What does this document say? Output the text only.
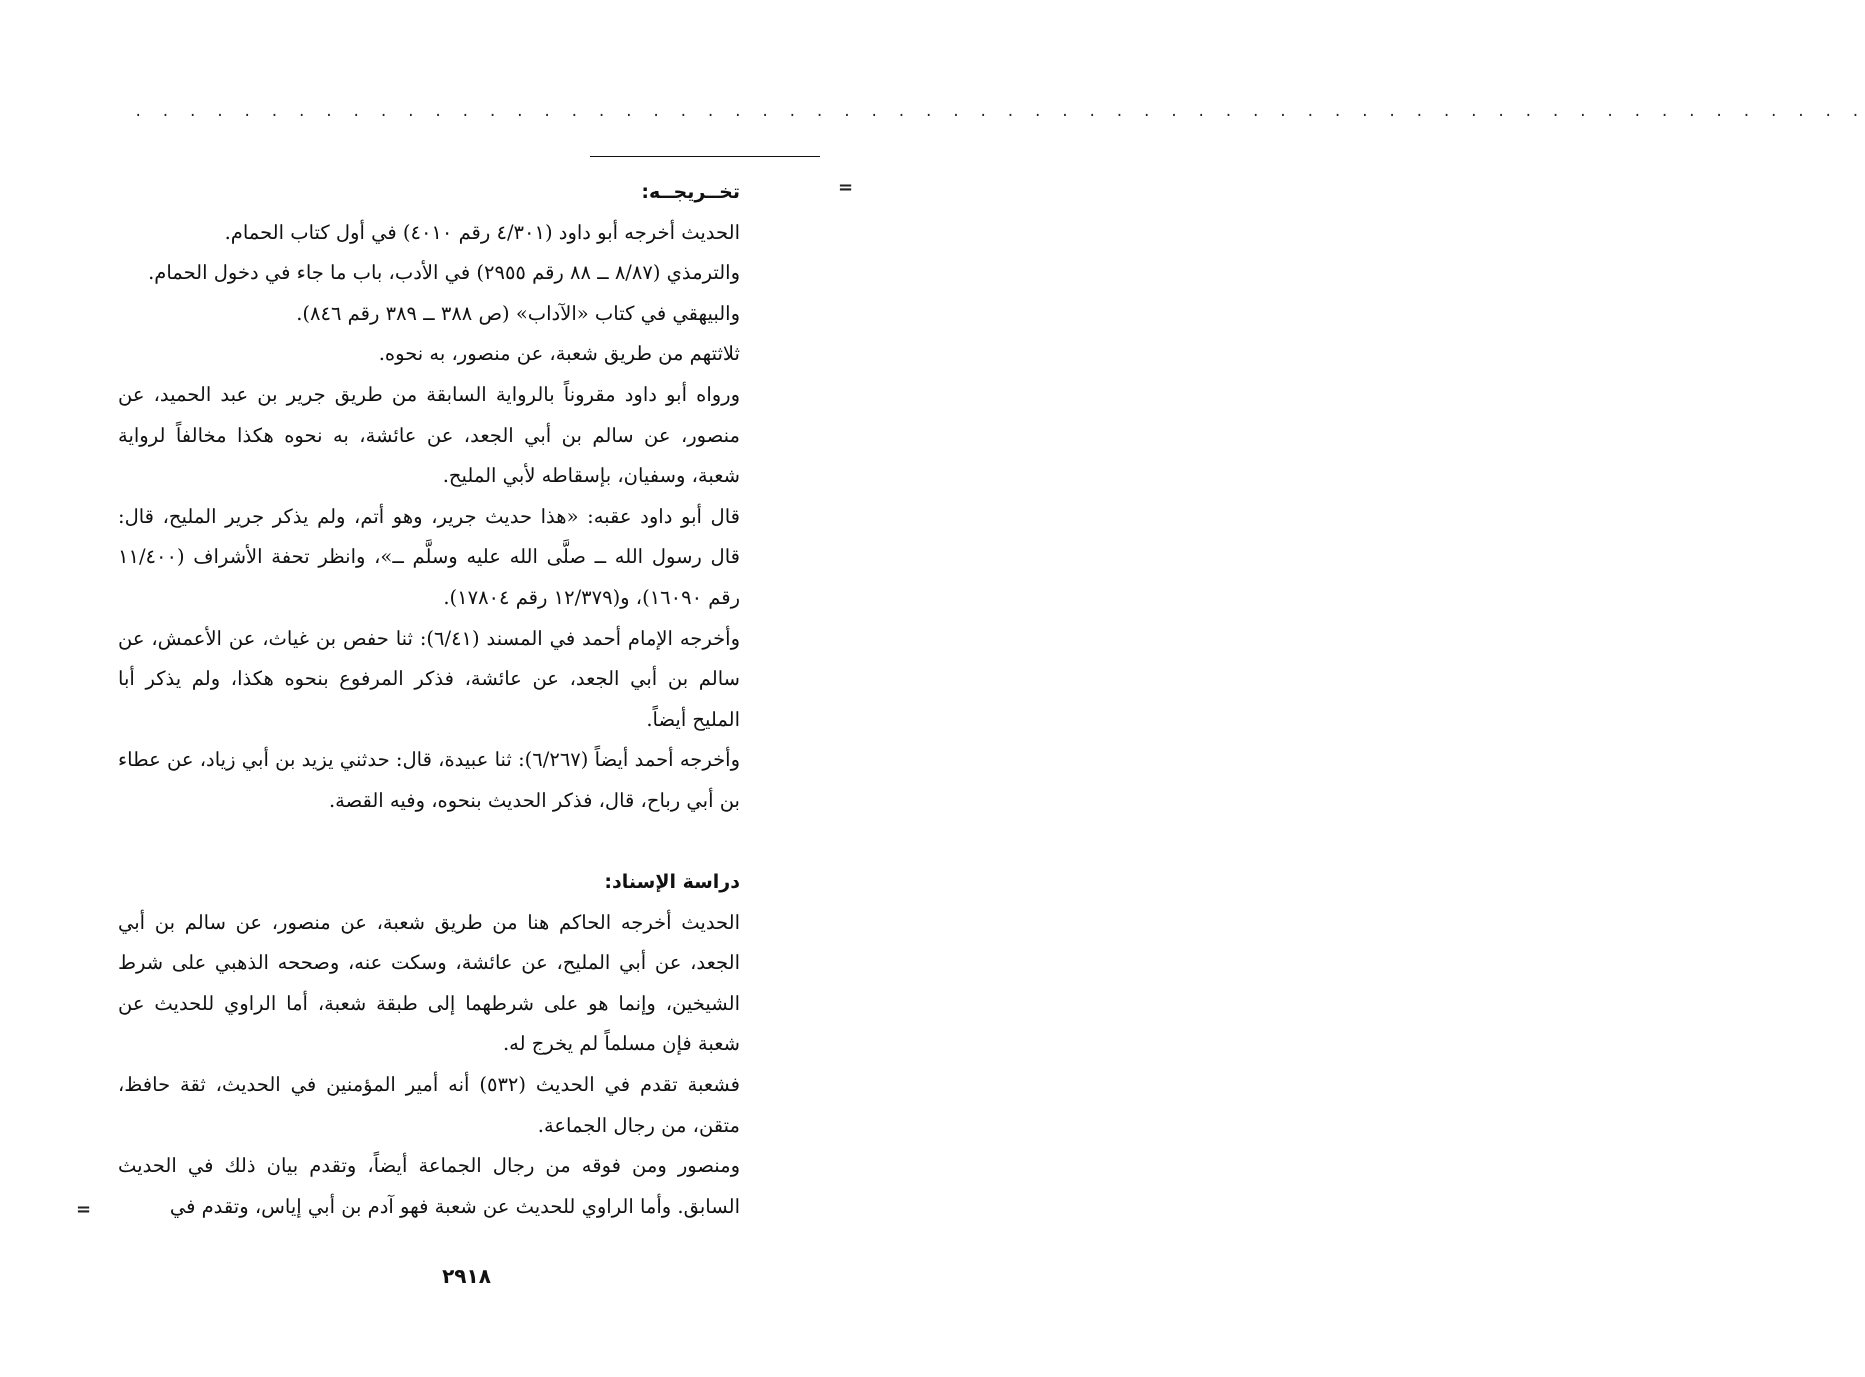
. . . . . . . . . . . . . . . . . . . . . . . . . . . . . . . . . . . . . . . . . . . . . . . . . . . . . . . . . . . . . . . .
=

تخــريجــه:

الحديث أخرجه أبو داود (٤/٣٠١ رقم ٤٠١٠) في أول كتاب الحمام.

والترمذي (٨/٨٧ ــ ٨٨ رقم ٢٩٥٥) في الأدب، باب ما جاء في دخول الحمام.

والبيهقي في كتاب «الآداب» (ص ٣٨٨ ــ ٣٨٩ رقم ٨٤٦).

ثلاثتهم من طريق شعبة، عن منصور، به نحوه.

ورواه أبو داود مقروناً بالرواية السابقة من طريق جرير بن عبد الحميد، عن منصور، عن سالم بن أبي الجعد، عن عائشة، به نحوه هكذا مخالفاً لرواية شعبة، وسفيان، بإسقاطه لأبي المليح.

قال أبو داود عقبه: «هذا حديث جرير، وهو أتم، ولم يذكر جرير المليح، قال: قال رسول الله ــ صلَّى الله عليه وسلَّم ــ»، وانظر تحفة الأشراف (١١/٤٠٠ رقم ١٦٠٩٠)، و(١٢/٣٧٩ رقم ١٧٨٠٤).

وأخرجه الإمام أحمد في المسند (٦/٤١): ثنا حفص بن غياث، عن الأعمش، عن سالم بن أبي الجعد، عن عائشة، فذكر المرفوع بنحوه هكذا، ولم يذكر أبا المليح أيضاً.

وأخرجه أحمد أيضاً (٦/٢٦٧): ثنا عبيدة، قال: حدثني يزيد بن أبي زياد، عن عطاء بن أبي رباح، قال، فذكر الحديث بنحوه، وفيه القصة.

دراسة الإسناد:

الحديث أخرجه الحاكم هنا من طريق شعبة، عن منصور، عن سالم بن أبي الجعد، عن أبي المليح، عن عائشة، وسكت عنه، وصححه الذهبي على شرط الشيخين، وإنما هو على شرطهما إلى طبقة شعبة، أما الراوي للحديث عن شعبة فإن مسلماً لم يخرج له.

فشعبة تقدم في الحديث (٥٣٢) أنه أمير المؤمنين في الحديث، ثقة حافظ، متقن، من رجال الجماعة.

ومنصور ومن فوقه من رجال الجماعة أيضاً، وتقدم بيان ذلك في الحديث السابق. وأما الراوي للحديث عن شعبة فهو آدم بن أبي إياس، وتقدم في

=
٢٩١٨
